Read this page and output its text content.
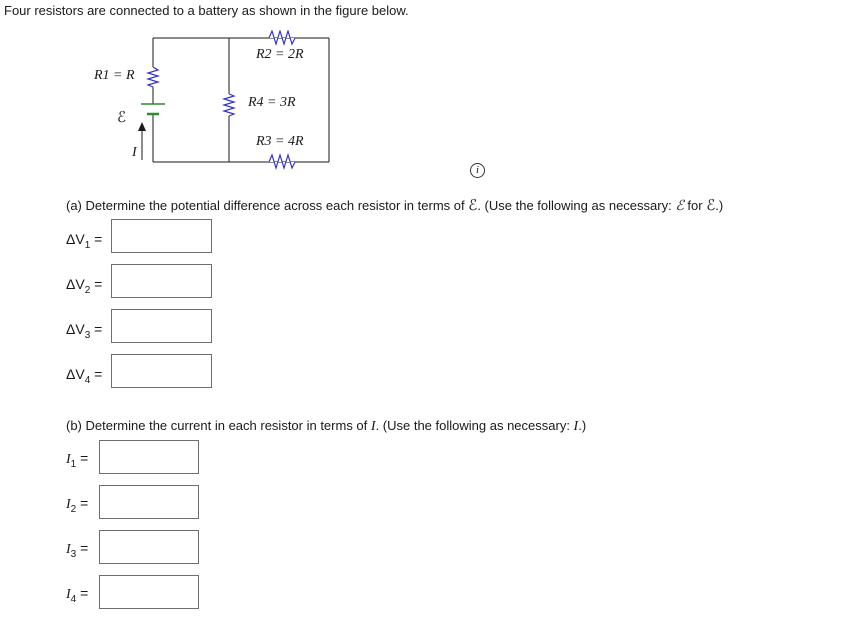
Four resistors are connected to a battery as shown in the figure below.
R1 = R
R2 = 2R
R4 = 3R
R3 = 4R
ℰ
I
i
(a) Determine the potential difference across each resistor in terms of ℰ. (Use the following as necessary: ℰ for ℰ.)
$\Delta V_1$ =
$\Delta V_2$ =
$\Delta V_3$ =
$\Delta V_4$ =
(b) Determine the current in each resistor in terms of I. (Use the following as necessary: I.)
$I_1$ =
$I_2$ =
$I_3$ =
$I_4$ =
